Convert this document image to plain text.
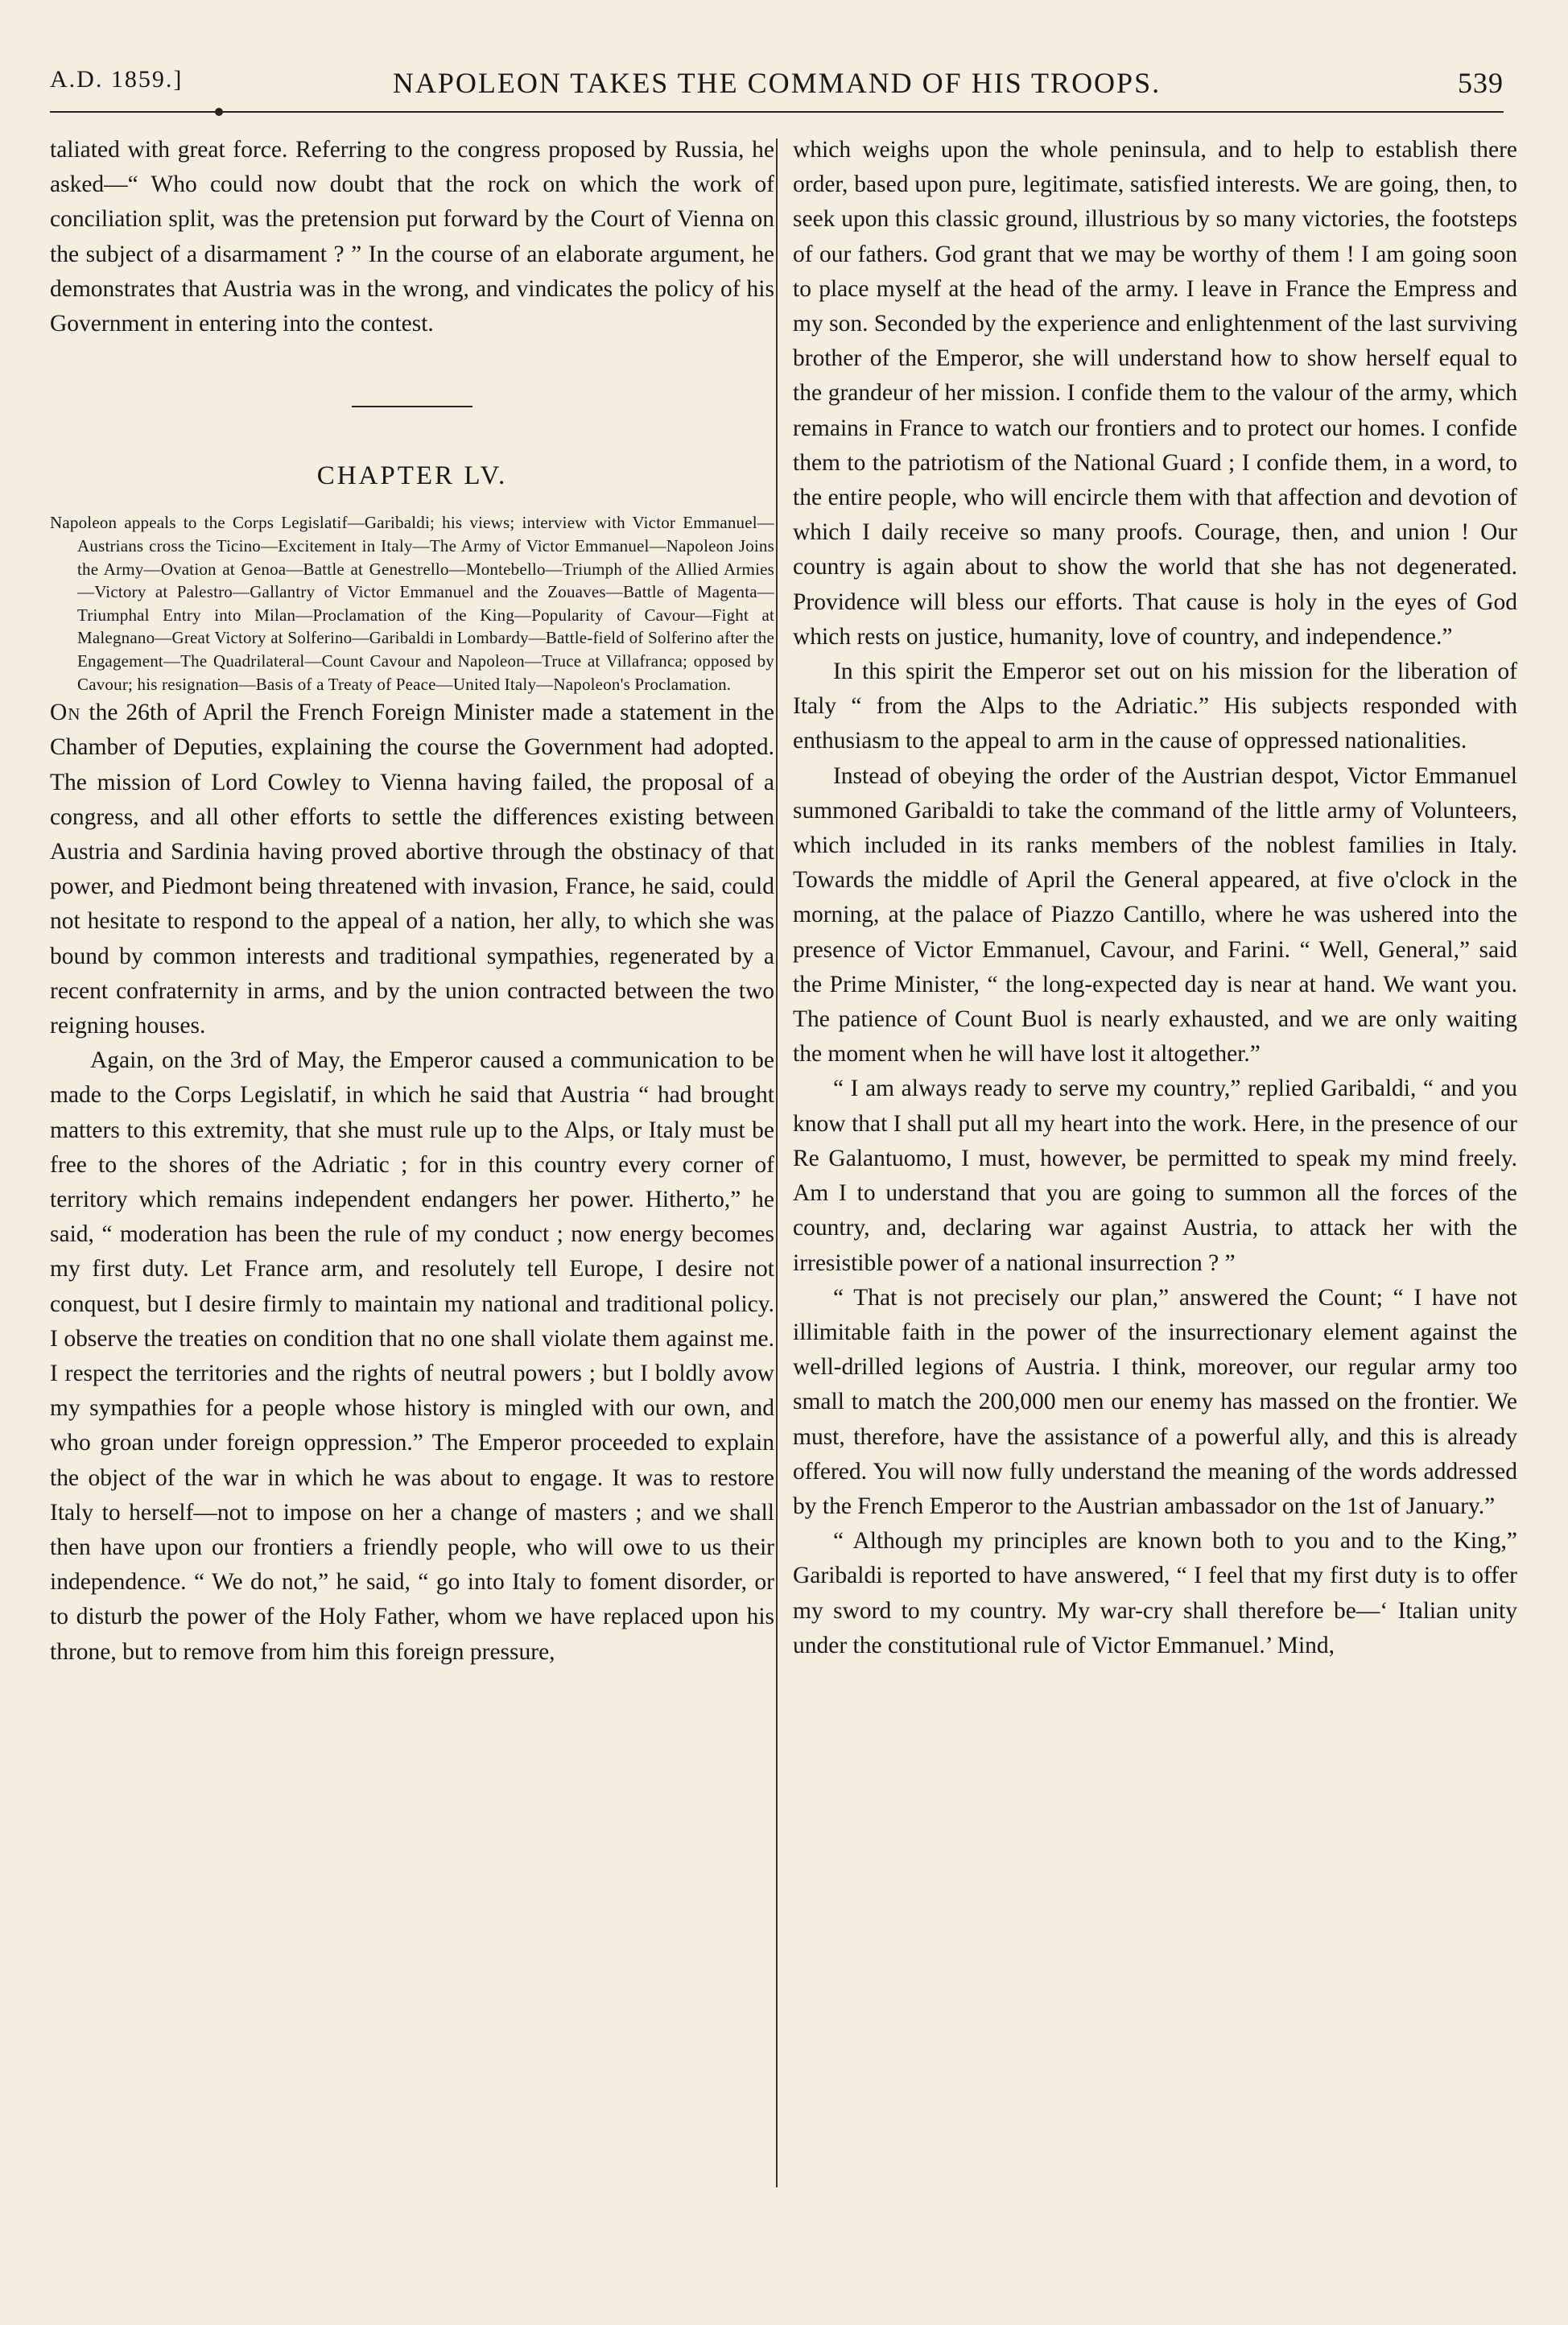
A.D. 1859.]	NAPOLEON TAKES THE COMMAND OF HIS TROOPS.	539

taliated with great force. Referring to the congress proposed by Russia, he asked—“ Who could now doubt that the rock on which the work of conciliation split, was the pretension put forward by the Court of Vienna on the subject of a disarmament ? ” In the course of an elaborate argument, he demonstrates that Austria was in the wrong, and vindicates the policy of his Government in entering into the contest.

CHAPTER LV.

Napoleon appeals to the Corps Legislatif—Garibaldi; his views; interview with Victor Emmanuel—Austrians cross the Ticino—Excitement in Italy—The Army of Victor Emmanuel—Napoleon Joins the Army—Ovation at Genoa—Battle at Genestrello—Montebello—Triumph of the Allied Armies—Victory at Palestro—Gallantry of Victor Emmanuel and the Zouaves—Battle of Magenta—Triumphal Entry into Milan—Proclamation of the King—Popularity of Cavour—Fight at Malegnano—Great Victory at Solferino—Garibaldi in Lombardy—Battle-field of Solferino after the Engagement—The Quadrilateral—Count Cavour and Napoleon—Truce at Villafranca; opposed by Cavour; his resignation—Basis of a Treaty of Peace—United Italy—Napoleon's Proclamation.

On the 26th of April the French Foreign Minister made a statement in the Chamber of Deputies, explaining the course the Government had adopted. The mission of Lord Cowley to Vienna having failed, the proposal of a congress, and all other efforts to settle the differences existing between Austria and Sardinia having proved abortive through the obstinacy of that power, and Piedmont being threatened with invasion, France, he said, could not hesitate to respond to the appeal of a nation, her ally, to which she was bound by common interests and traditional sympathies, regenerated by a recent confraternity in arms, and by the union contracted between the two reigning houses.

Again, on the 3rd of May, the Emperor caused a communication to be made to the Corps Legislatif, in which he said that Austria “ had brought matters to this extremity, that she must rule up to the Alps, or Italy must be free to the shores of the Adriatic ; for in this country every corner of territory which remains independent endangers her power. Hitherto,” he said, “ moderation has been the rule of my conduct ; now energy becomes my first duty. Let France arm, and resolutely tell Europe, I desire not conquest, but I desire firmly to maintain my national and traditional policy. I observe the treaties on condition that no one shall violate them against me. I respect the territories and the rights of neutral powers ; but I boldly avow my sympathies for a people whose history is mingled with our own, and who groan under foreign oppression.” The Emperor proceeded to explain the object of the war in which he was about to engage. It was to restore Italy to herself—not to impose on her a change of masters ; and we shall then have upon our frontiers a friendly people, who will owe to us their independence. “ We do not,” he said, “ go into Italy to foment disorder, or to disturb the power of the Holy Father, whom we have replaced upon his throne, but to remove from him this foreign pressure,

which weighs upon the whole peninsula, and to help to establish there order, based upon pure, legitimate, satisfied interests. We are going, then, to seek upon this classic ground, illustrious by so many victories, the footsteps of our fathers. God grant that we may be worthy of them ! I am going soon to place myself at the head of the army. I leave in France the Empress and my son. Seconded by the experience and enlightenment of the last surviving brother of the Emperor, she will understand how to show herself equal to the grandeur of her mission. I confide them to the valour of the army, which remains in France to watch our frontiers and to protect our homes. I confide them to the patriotism of the National Guard ; I confide them, in a word, to the entire people, who will encircle them with that affection and devotion of which I daily receive so many proofs. Courage, then, and union ! Our country is again about to show the world that she has not degenerated. Providence will bless our efforts. That cause is holy in the eyes of God which rests on justice, humanity, love of country, and independence.”

In this spirit the Emperor set out on his mission for the liberation of Italy “ from the Alps to the Adriatic.” His subjects responded with enthusiasm to the appeal to arm in the cause of oppressed nationalities.

Instead of obeying the order of the Austrian despot, Victor Emmanuel summoned Garibaldi to take the command of the little army of Volunteers, which included in its ranks members of the noblest families in Italy. Towards the middle of April the General appeared, at five o'clock in the morning, at the palace of Piazzo Cantillo, where he was ushered into the presence of Victor Emmanuel, Cavour, and Farini. “ Well, General,” said the Prime Minister, “ the long-expected day is near at hand. We want you. The patience of Count Buol is nearly exhausted, and we are only waiting the moment when he will have lost it altogether.”

“ I am always ready to serve my country,” replied Garibaldi, “ and you know that I shall put all my heart into the work. Here, in the presence of our Re Galantuomo, I must, however, be permitted to speak my mind freely. Am I to understand that you are going to summon all the forces of the country, and, declaring war against Austria, to attack her with the irresistible power of a national insurrection ? ”

“ That is not precisely our plan,” answered the Count; “ I have not illimitable faith in the power of the insurrectionary element against the well-drilled legions of Austria. I think, moreover, our regular army too small to match the 200,000 men our enemy has massed on the frontier. We must, therefore, have the assistance of a powerful ally, and this is already offered. You will now fully understand the meaning of the words addressed by the French Emperor to the Austrian ambassador on the 1st of January.”

“ Although my principles are known both to you and to the King,” Garibaldi is reported to have answered, “ I feel that my first duty is to offer my sword to my country. My war-cry shall therefore be—‘ Italian unity under the constitutional rule of Victor Emmanuel.’ Mind,
